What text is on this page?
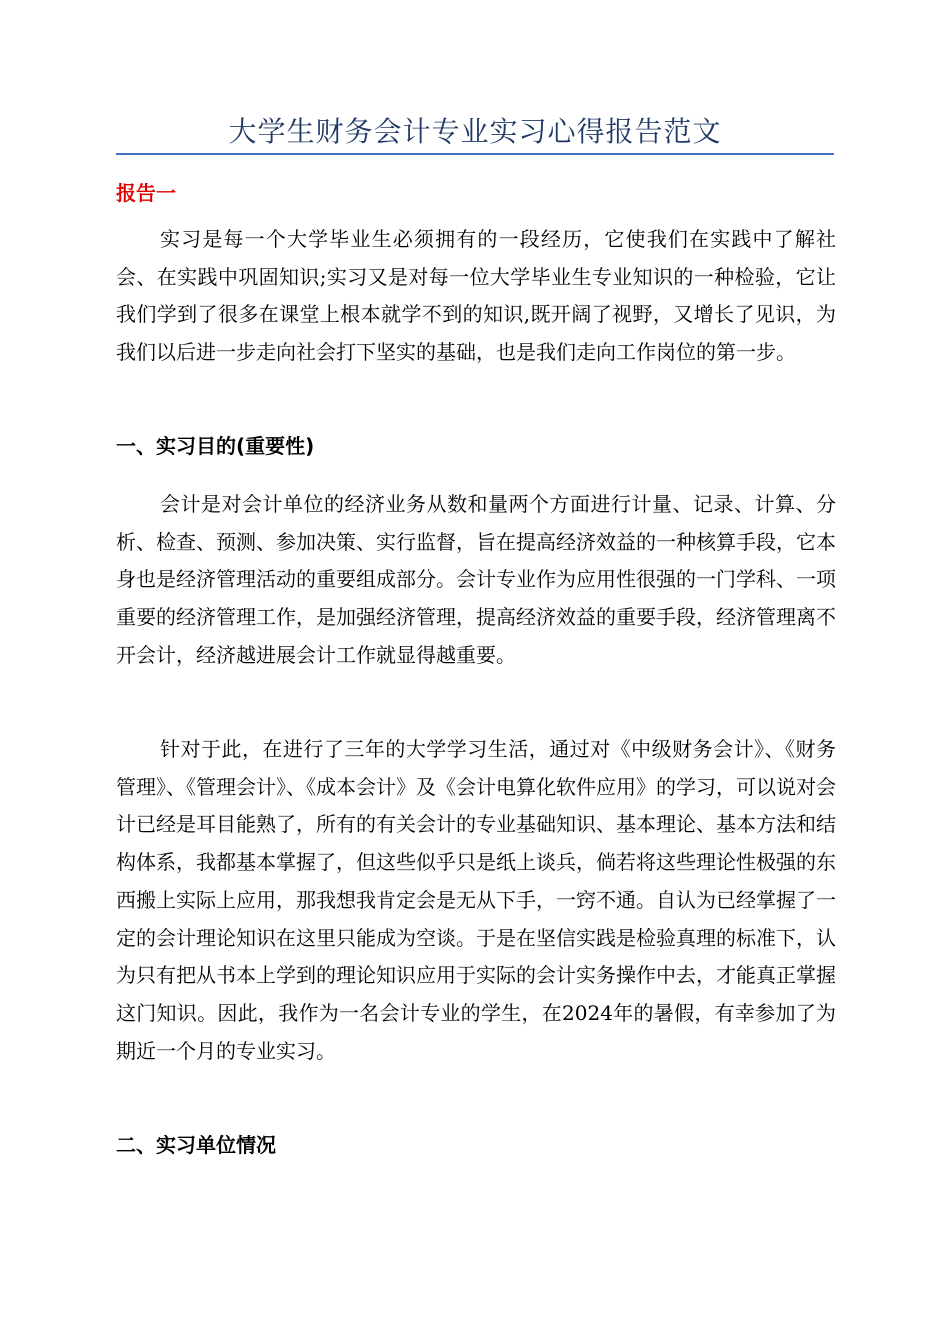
大学生财务会计专业实习心得报告范文
报告一

实习是每一个大学毕业生必须拥有的一段经历，它使我们在实践中了解社会、在实践中巩固知识;实习又是对每一位大学毕业生专业知识的一种检验，它让我们学到了很多在课堂上根本就学不到的知识,既开阔了视野，又增长了见识，为我们以后进一步走向社会打下坚实的基础，也是我们走向工作岗位的第一步。

一、实习目的(重要性)

会计是对会计单位的经济业务从数和量两个方面进行计量、记录、计算、分析、检查、预测、参加决策、实行监督，旨在提高经济效益的一种核算手段，它本身也是经济管理活动的重要组成部分。会计专业作为应用性很强的一门学科、一项重要的经济管理工作，是加强经济管理，提高经济效益的重要手段，经济管理离不开会计，经济越进展会计工作就显得越重要。

针对于此，在进行了三年的大学学习生活，通过对《中级财务会计》、《财务管理》、《管理会计》、《成本会计》及《会计电算化软件应用》的学习，可以说对会计已经是耳目能熟了，所有的有关会计的专业基础知识、基本理论、基本方法和结构体系，我都基本掌握了，但这些似乎只是纸上谈兵，倘若将这些理论性极强的东西搬上实际上应用，那我想我肯定会是无从下手，一窍不通。自认为已经掌握了一定的会计理论知识在这里只能成为空谈。于是在坚信实践是检验真理的标准下，认为只有把从书本上学到的理论知识应用于实际的会计实务操作中去，才能真正掌握这门知识。因此，我作为一名会计专业的学生，在2024年的暑假，有幸参加了为期近一个月的专业实习。

二、实习单位情况
